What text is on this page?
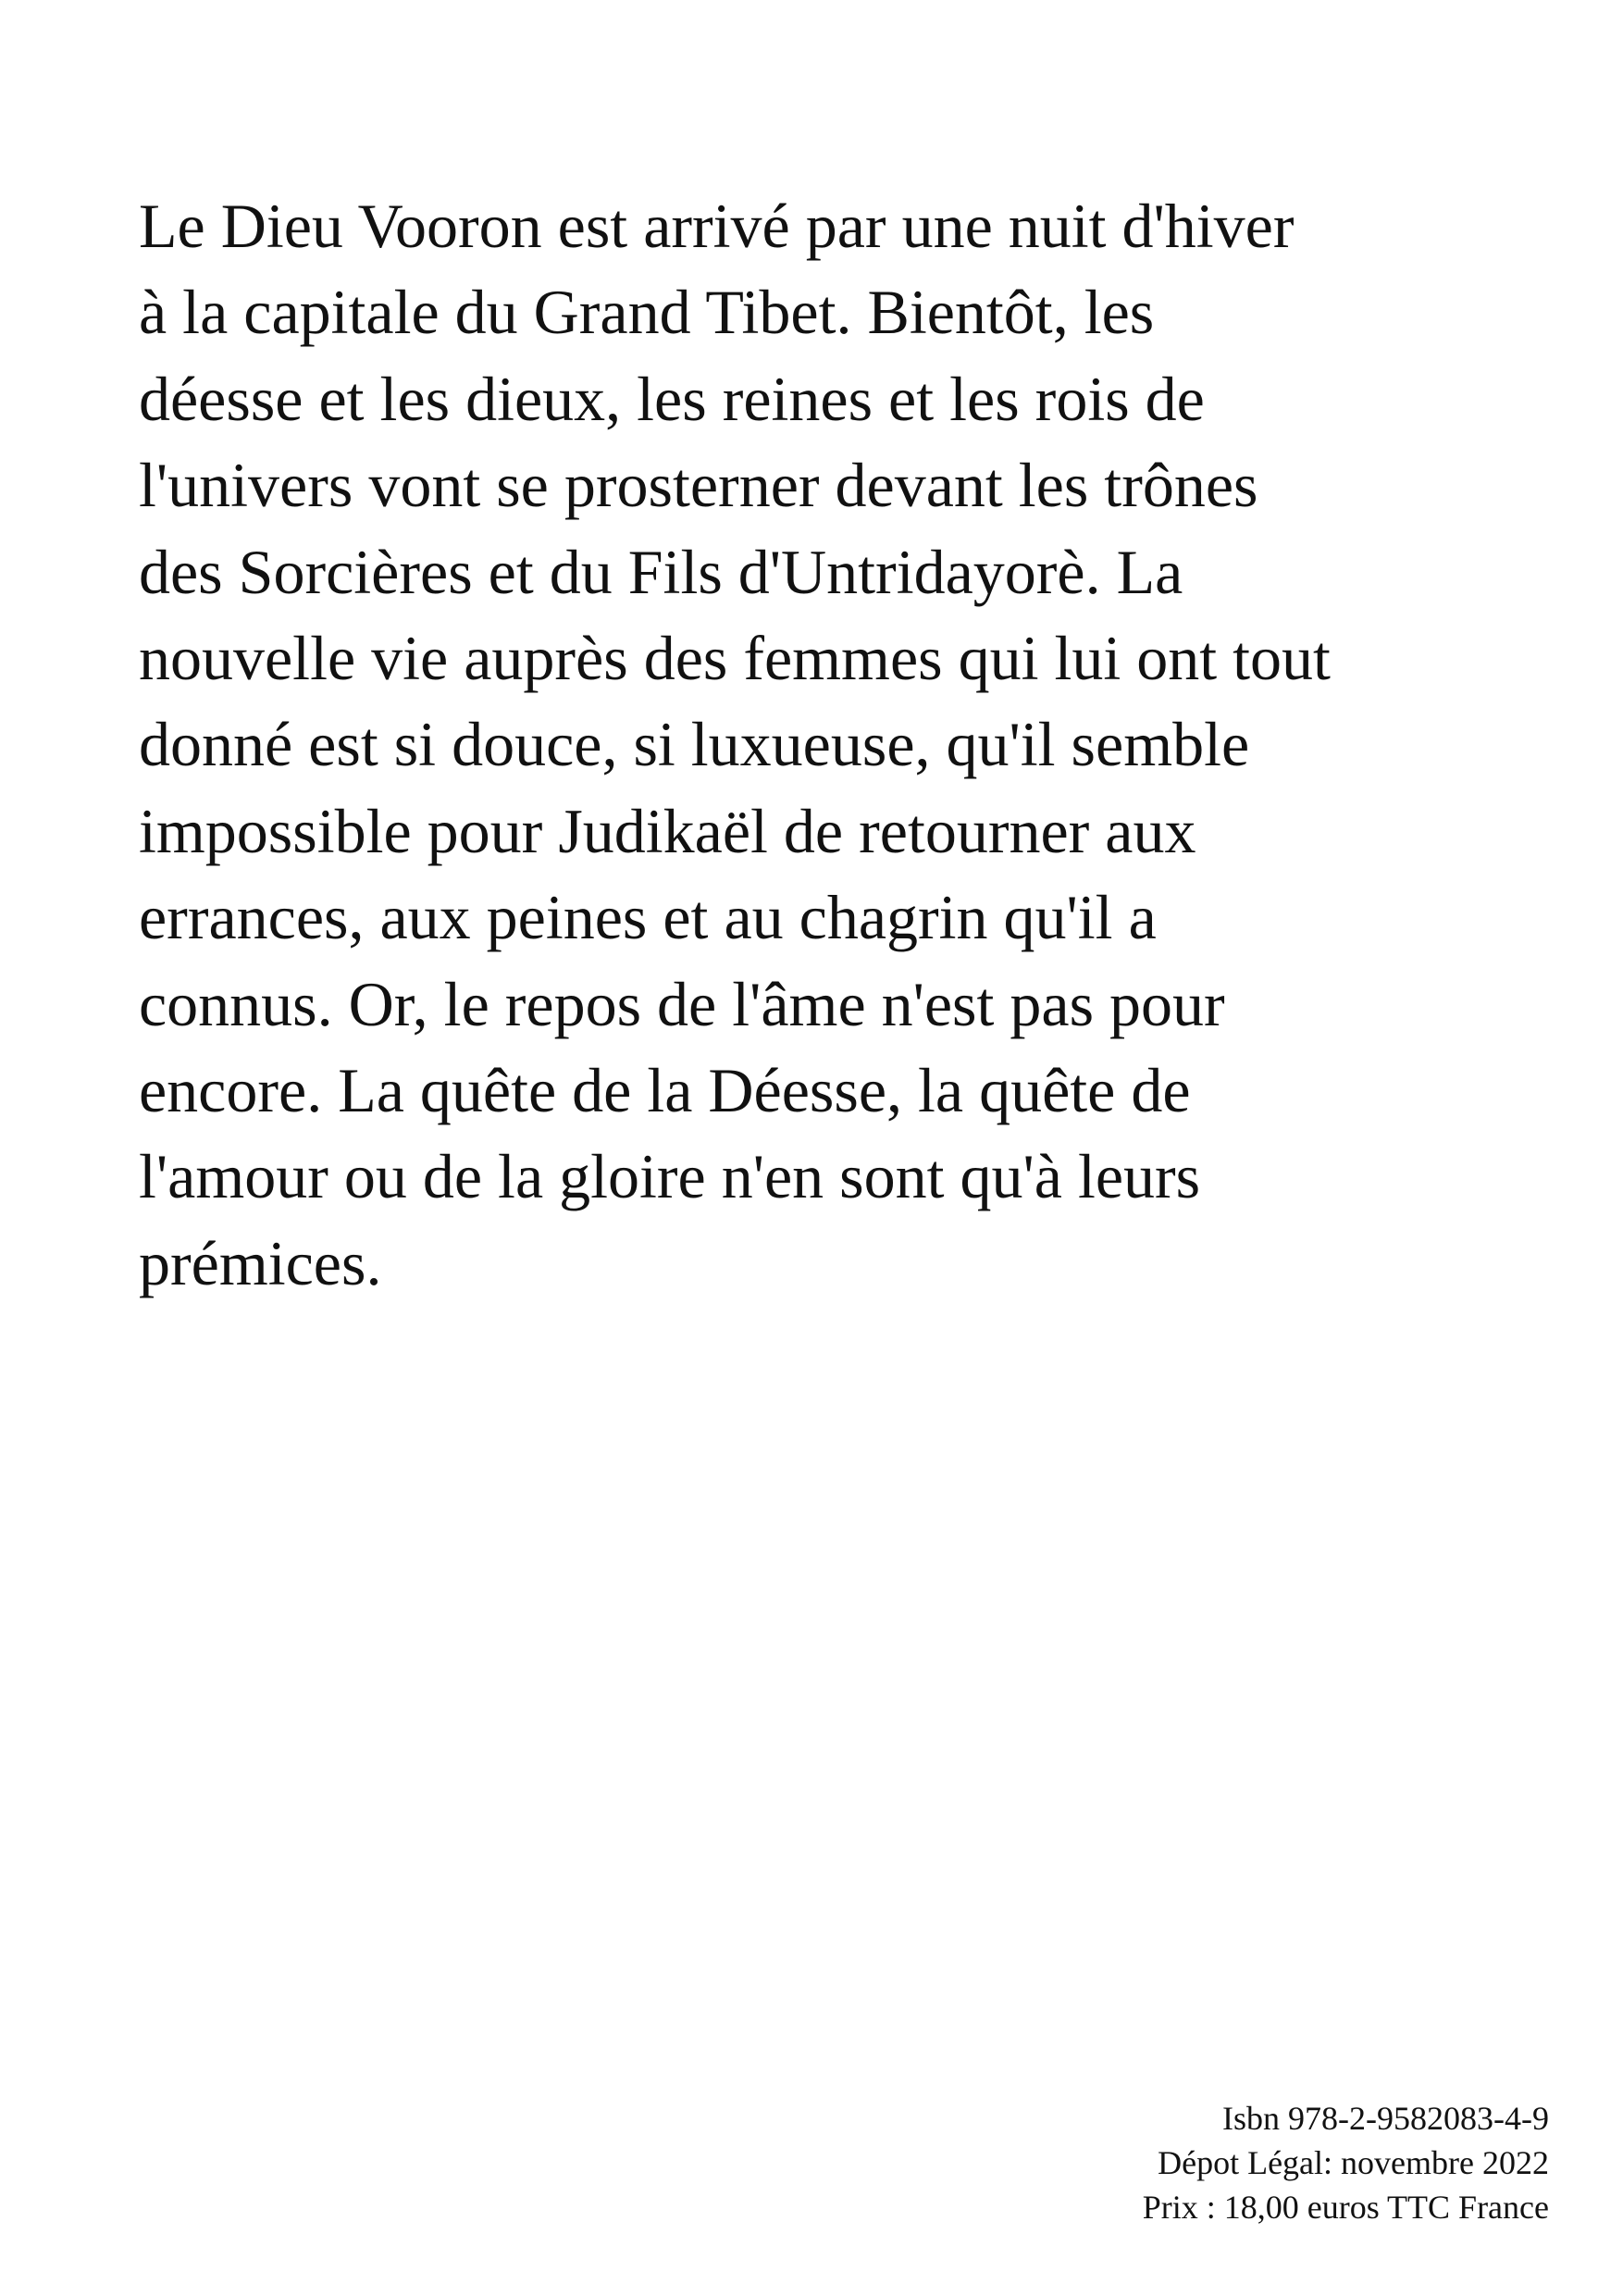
Le Dieu Vooron est arrivé par une nuit d'hiver
à la capitale du Grand Tibet. Bientôt, les
déesse et les dieux, les reines et les rois de
l'univers vont se prosterner devant les trônes
des Sorcières et du Fils d'Untridayorè. La
nouvelle vie auprès des femmes qui lui ont tout
donné est si douce, si luxueuse, qu'il semble
impossible pour Judikaël de retourner aux
errances, aux peines et au chagrin qu'il a
connus. Or, le repos de l'âme n'est pas pour
encore. La quête de la Déesse, la quête de
l'amour ou de la gloire n'en sont qu'à leurs
prémices.

Isbn 978-2-9582083-4-9
Dépot Légal: novembre 2022
Prix : 18,00 euros TTC France
